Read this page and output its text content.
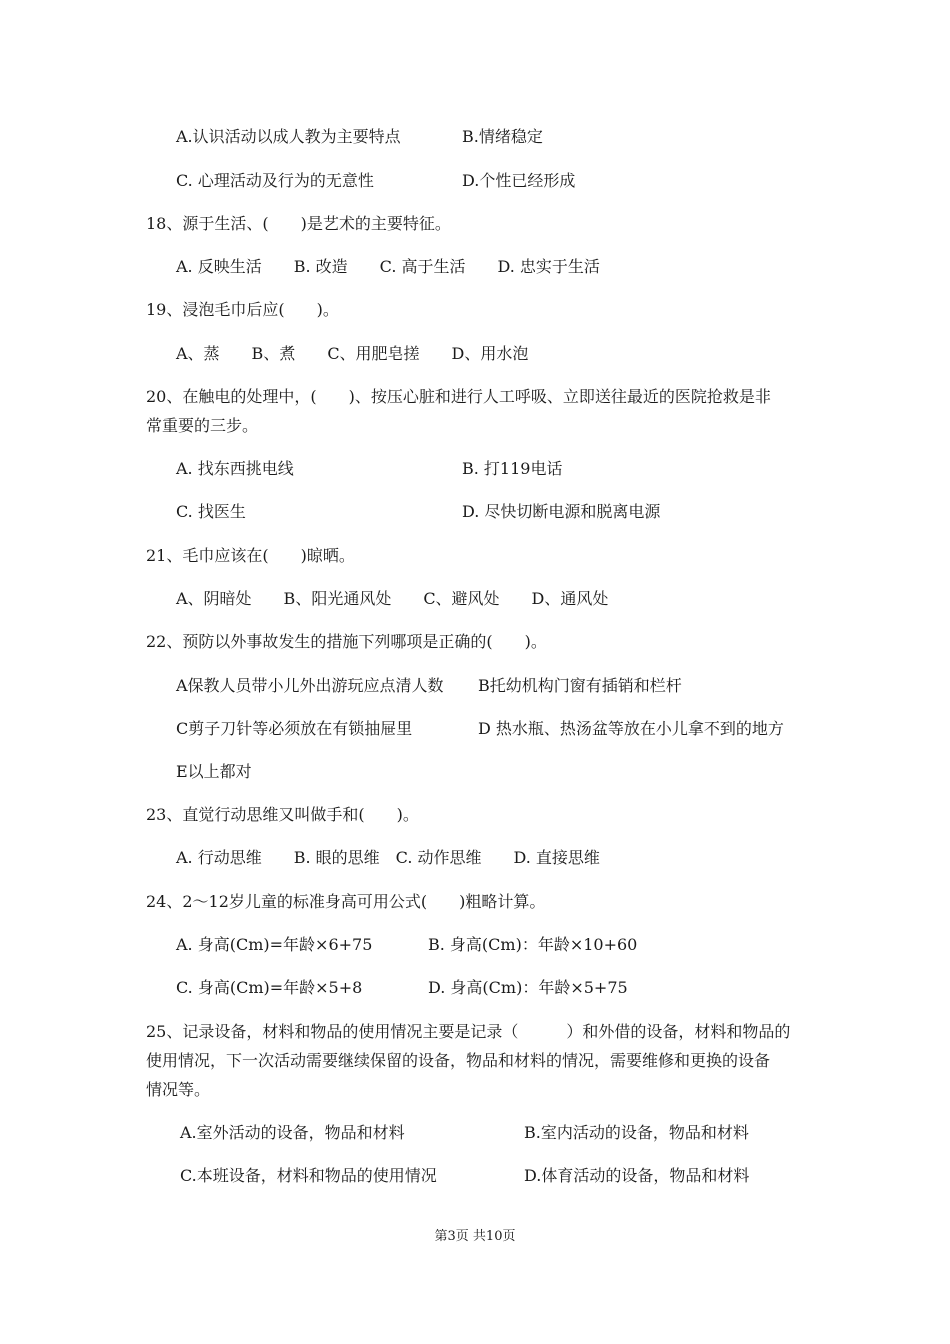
A.认识活动以成人教为主要特点	B.情绪稳定
C. 心理活动及行为的无意性	D.个性已经形成
18、源于生活、(　　)是艺术的主要特征。
A. 反映生活　　B. 改造　　C. 高于生活　　D. 忠实于生活
19、浸泡毛巾后应(　　)。
A、蒸　　B、煮　　C、用肥皂搓　　D、用水泡
20、在触电的处理中，(　　)、按压心脏和进行人工呼吸、立即送往最近的医院抢救是非
常重要的三步。
A. 找东西挑电线	B. 打119电话
C. 找医生	D. 尽快切断电源和脱离电源
21、毛巾应该在(　　)晾晒。
A、阴暗处　　B、阳光通风处　　C、避风处　　D、通风处
22、预防以外事故发生的措施下列哪项是正确的(　　)。
A保教人员带小儿外出游玩应点清人数 B托幼机构门窗有插销和栏杆
C剪子刀针等必须放在有锁抽屉里	D 热水瓶、热汤盆等放在小儿拿不到的地方
E以上都对
23、直觉行动思维又叫做手和(　　)。
A. 行动思维　　B. 眼的思维　C. 动作思维　　D. 直接思维
24、2～12岁儿童的标准身高可用公式(　　)粗略计算。
A. 身高(Cm)=年龄×6+75	B. 身高(Cm)：年龄×10+60
C. 身高(Cm)=年龄×5+8	D. 身高(Cm)：年龄×5+75
25、记录设备，材料和物品的使用情况主要是记录（　　　）和外借的设备，材料和物品的
使用情况，下一次活动需要继续保留的设备，物品和材料的情况，需要维修和更换的设备
情况等。
A.室外活动的设备，物品和材料	B.室内活动的设备，物品和材料
C.本班设备，材料和物品的使用情况	D.体育活动的设备，物品和材料
第3页 共10页
